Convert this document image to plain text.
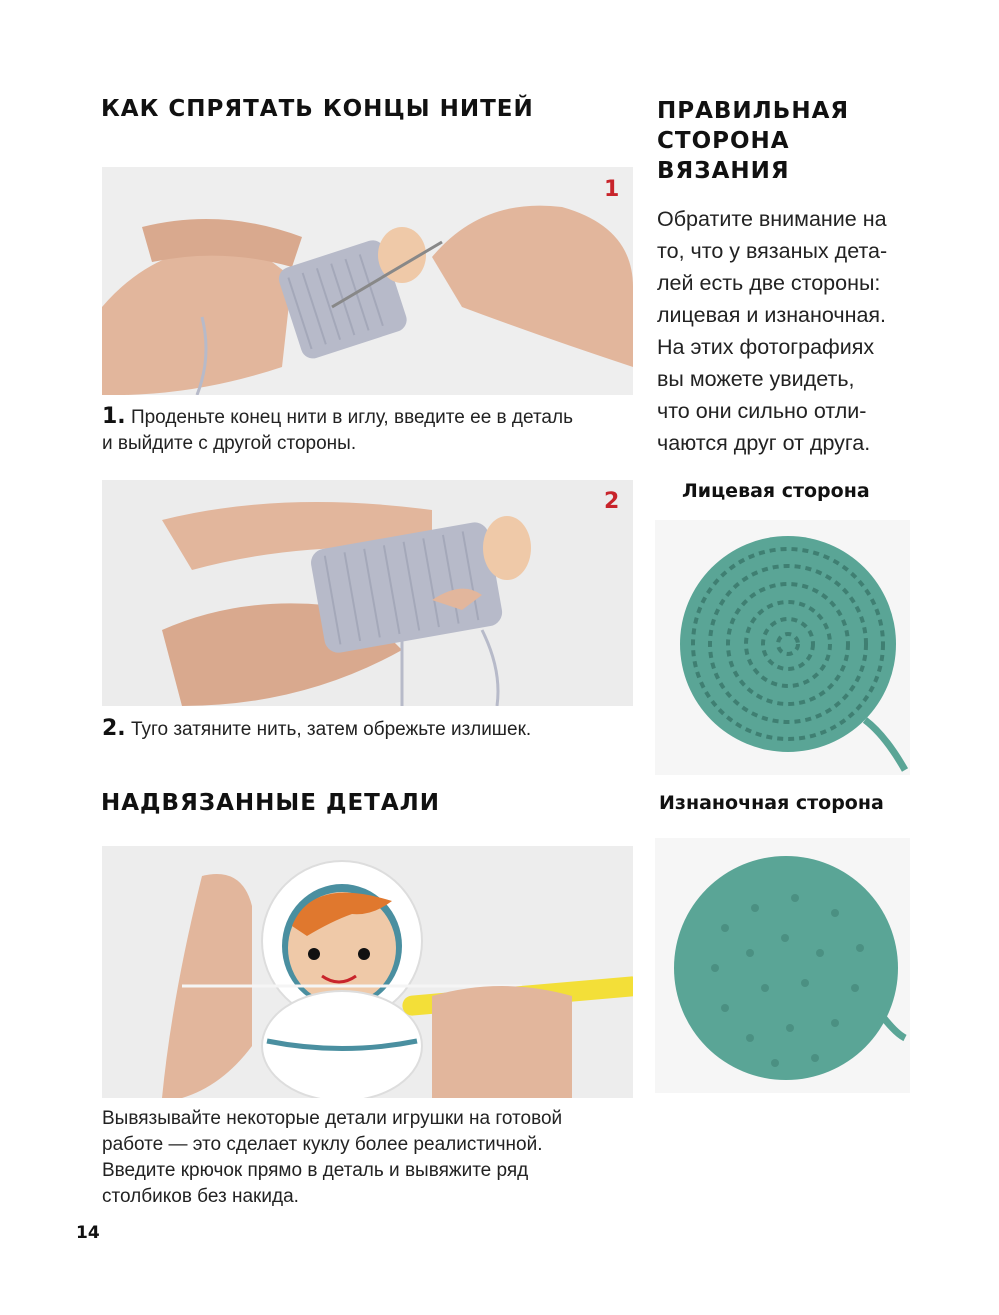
КАК СПРЯТАТЬ КОНЦЫ НИТЕЙ
1

1. Проденьте конец нити в иглу, введите ее в деталь
и выйдите с другой стороны.

2

2. Туго затяните нить, затем обрежьте излишек.

НАДВЯЗАННЫЕ ДЕТАЛИ

Вывязывайте некоторые детали игрушки на готовой
работе — это сделает куклу более реалистичной.
Введите крючок прямо в деталь и вывяжите ряд
столбиков без накида.

ПРАВИЛЬНАЯ
СТОРОНА
ВЯЗАНИЯ

Обратите внимание на
то, что у вязаных дета-
лей есть две стороны:
лицевая и изнаночная.
На этих фотографиях
вы можете увидеть,
что они сильно отли-
чаются друг от друга.

Лицевая сторона

Изнаночная сторона

14
